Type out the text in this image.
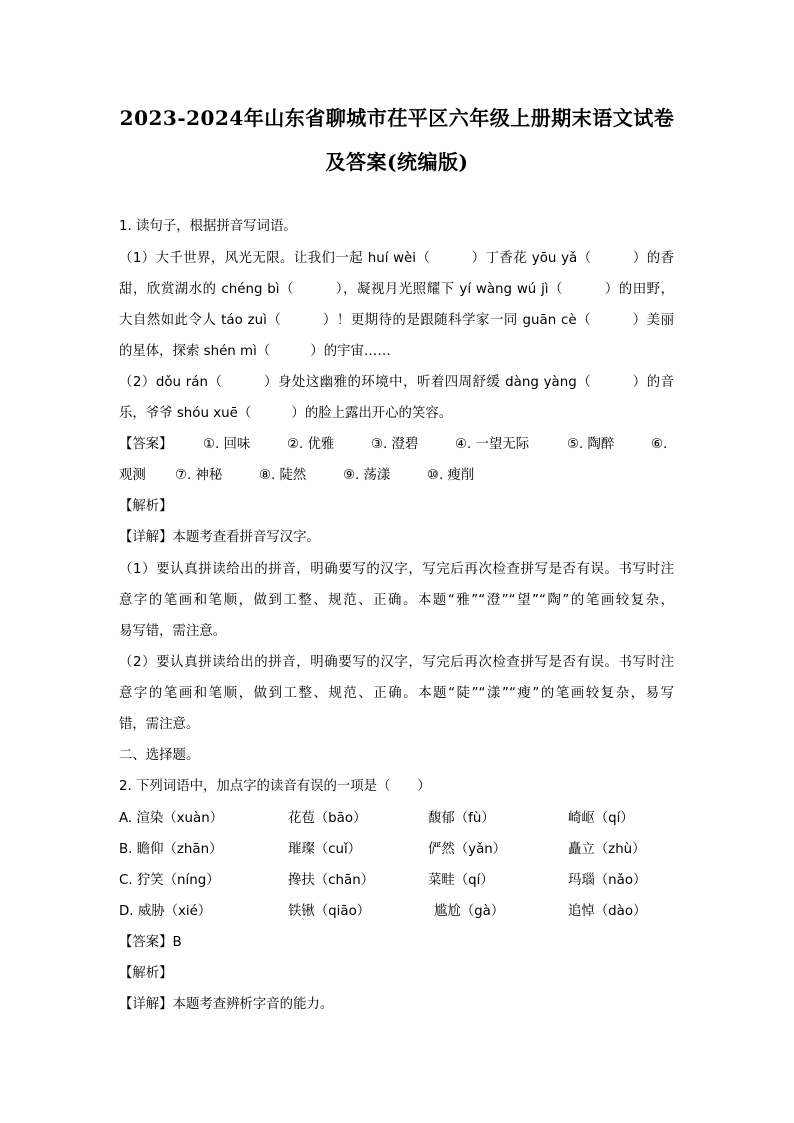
2023-2024年山东省聊城市茌平区六年级上册期末语文试卷
及答案(统编版)
1. 读句子，根据拼音写词语。
（1）大千世界，风光无限。让我们一起 huí wèi（　　　）丁香花 yōu yǎ（　　　）的香
甜，欣赏湖水的 chéng bì（　　　），凝视月光照耀下 yí wàng wú jì（　　　）的田野，
大自然如此令人 táo zuì（　　　）！更期待的是跟随科学家一同 guān cè（　　　）美丽
的星体，探索 shén mì（　　　）的宇宙……
（2）dǒu rán（　　　）身处这幽雅的环境中，听着四周舒缓 dàng yàng（　　　）的音
乐，爷爷 shóu xuē（　　　）的脸上露出开心的笑容。
【答案】 ①. 回味	②. 优雅	③. 澄碧	④. 一望无际	⑤. 陶醉	⑥.
观测 ⑦. 神秘	⑧. 陡然	⑨. 荡漾	⑩. 瘦削
【解析】
【详解】本题考查看拼音写汉字。
（1）要认真拼读给出的拼音，明确要写的汉字，写完后再次检查拼写是否有误。书写时注
意字的笔画和笔顺，做到工整、规范、正确。本题“雅”“澄”“望”“陶”的笔画较复杂，
易写错，需注意。
（2）要认真拼读给出的拼音，明确要写的汉字，写完后再次检查拼写是否有误。书写时注
意字的笔画和笔顺，做到工整、规范、正确。本题“陡”“漾”“瘦”的笔画较复杂，易写
错，需注意。
二、选择题。
2. 下列词语中，加点字的读音有误的一项是（　　）
A. 渲染（xuàn）	花苞（bāo）	馥郁（fù）	崎岖（qí）
B. 瞻仰（zhān）	璀璨（cuǐ）	俨然（yǎn）	矗立（zhù）
C. 狞笑（níng）	搀扶（chān）	菜畦（qí）	玛瑙（nǎo）
D. 威胁（xié）	铁锹（qiāo）	尴尬（gà）	追悼（dào）
【答案】B
【解析】
【详解】本题考查辨析字音的能力。
